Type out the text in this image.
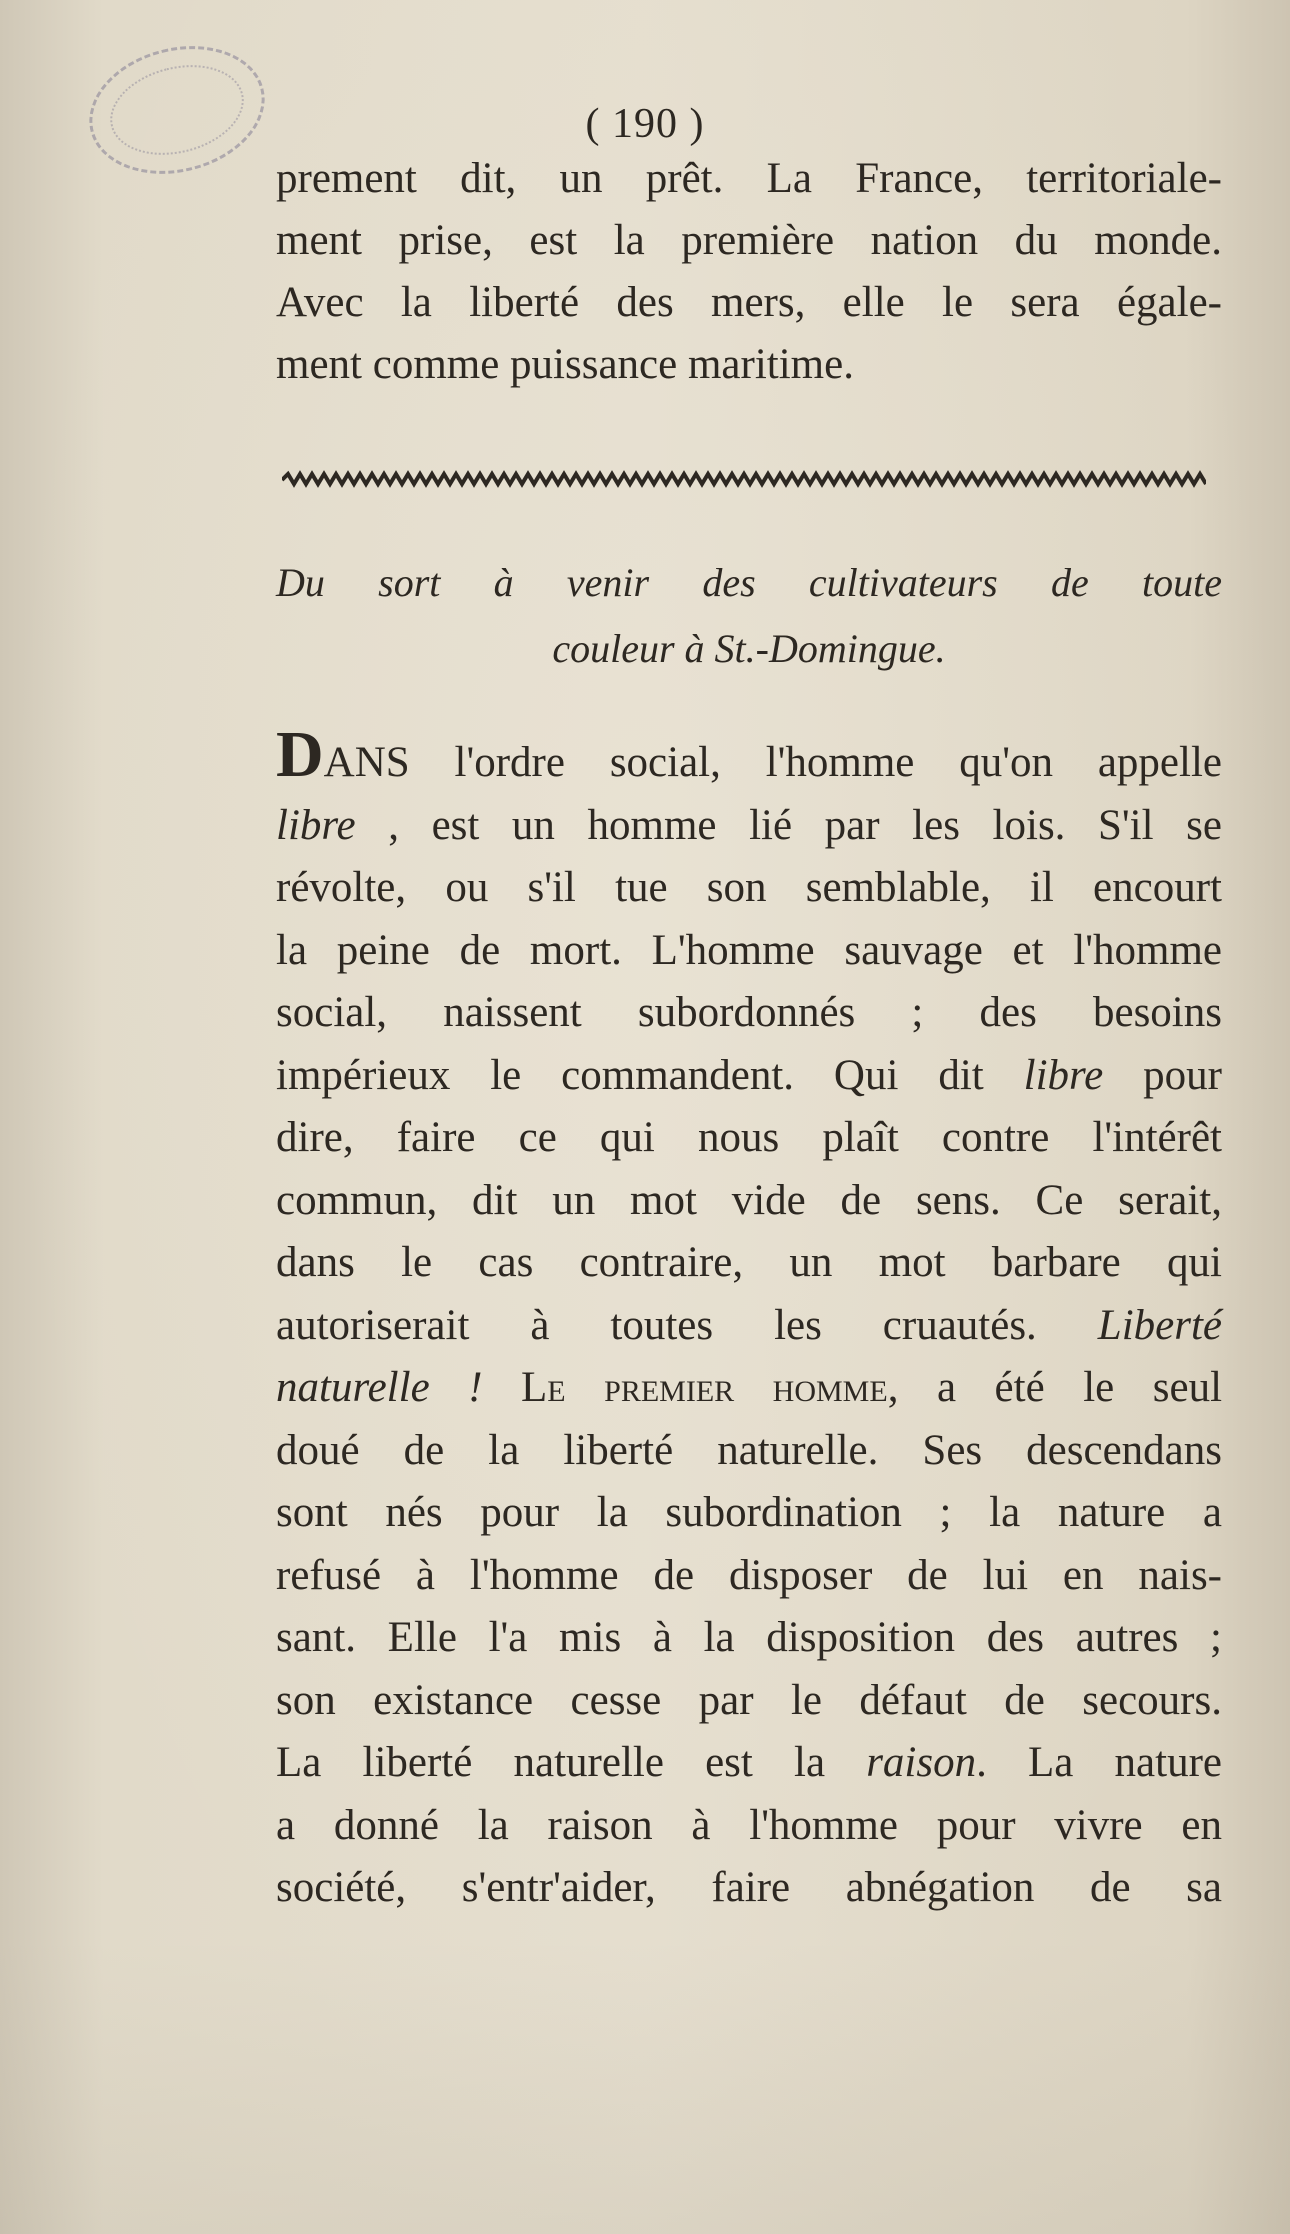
( 190 )
prement dit, un prêt. La France, territoriale-
ment prise, est la première nation du monde.
Avec la liberté des mers, elle le sera égale-
ment comme puissance maritime.
Du sort à venir des cultivateurs de toute
couleur à St.-Domingue.
DANS l'ordre social, l'homme qu'on appelle
libre , est un homme lié par les lois. S'il se
révolte, ou s'il tue son semblable, il encourt
la peine de mort. L'homme sauvage et l'homme
social, naissent subordonnés ; des besoins
impérieux le commandent. Qui dit libre pour
dire, faire ce qui nous plaît contre l'intérêt
commun, dit un mot vide de sens. Ce serait,
dans le cas contraire, un mot barbare qui
autoriserait à toutes les cruautés. Liberté
naturelle ! Le premier homme, a été le seul
doué de la liberté naturelle. Ses descendans
sont nés pour la subordination ; la nature a
refusé à l'homme de disposer de lui en nais-
sant. Elle l'a mis à la disposition des autres ;
son existance cesse par le défaut de secours.
La liberté naturelle est la raison. La nature
a donné la raison à l'homme pour vivre en
société, s'entr'aider, faire abnégation de sa
